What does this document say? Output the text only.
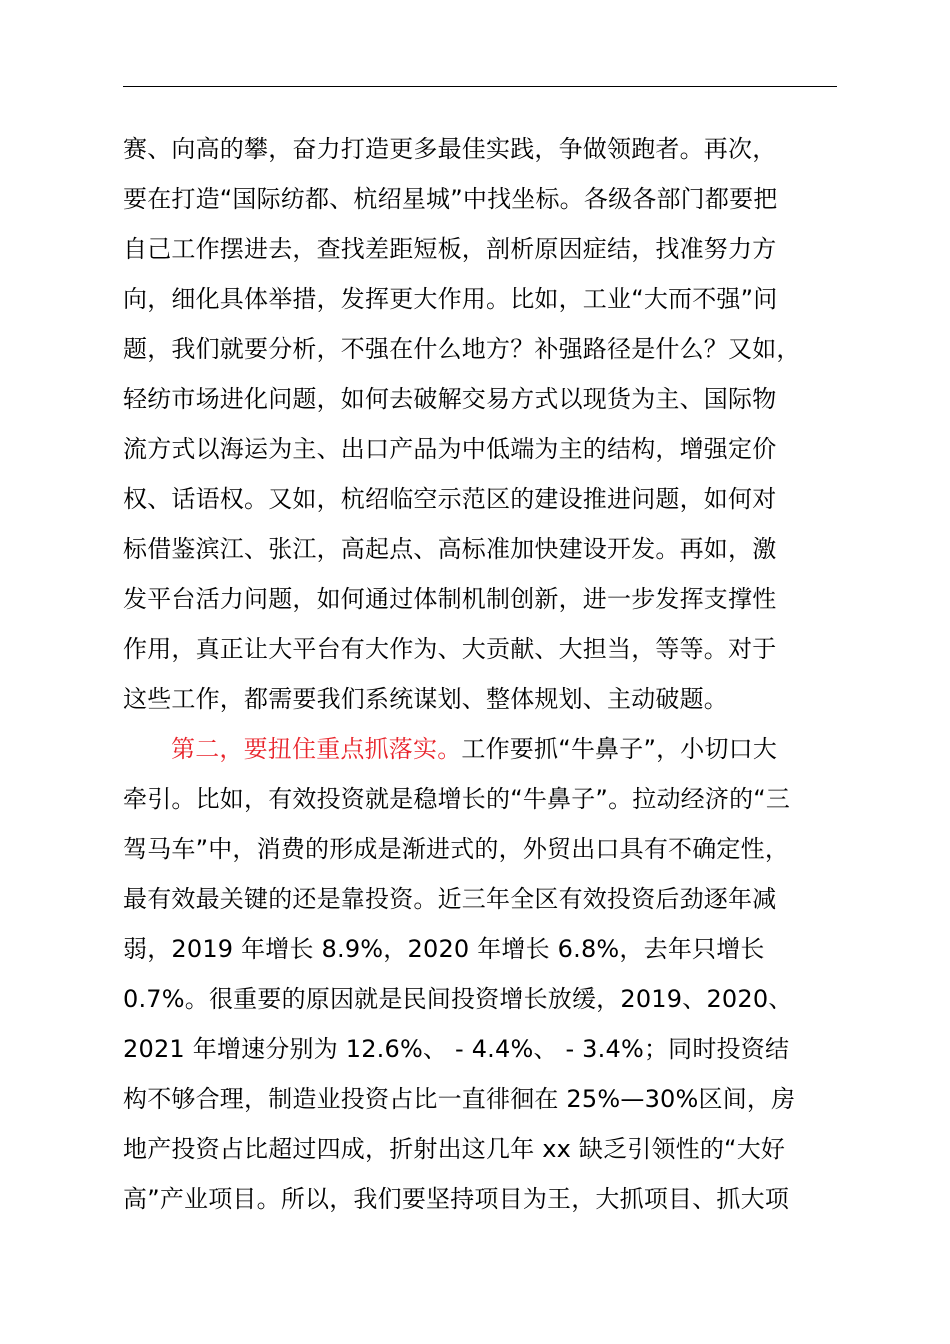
赛、向高的攀，奋力打造更多最佳实践，争做领跑者。再次，
要在打造“国际纺都、杭绍星城”中找坐标。各级各部门都要把
自己工作摆进去，查找差距短板，剖析原因症结，找准努力方
向，细化具体举措，发挥更大作用。比如，工业“大而不强”问
题，我们就要分析，不强在什么地方？补强路径是什么？又如，
轻纺市场进化问题，如何去破解交易方式以现货为主、国际物
流方式以海运为主、出口产品为中低端为主的结构，增强定价
权、话语权。又如，杭绍临空示范区的建设推进问题，如何对
标借鉴滨江、张江，高起点、高标准加快建设开发。再如，激
发平台活力问题，如何通过体制机制创新，进一步发挥支撑性
作用，真正让大平台有大作为、大贡献、大担当，等等。对于
这些工作，都需要我们系统谋划、整体规划、主动破题。
第二，要扭住重点抓落实。工作要抓“牛鼻子”，小切口大
牵引。比如，有效投资就是稳增长的“牛鼻子”。拉动经济的“三
驾马车”中，消费的形成是渐进式的，外贸出口具有不确定性，
最有效最关键的还是靠投资。近三年全区有效投资后劲逐年减
弱，2019 年增长 8.9%，2020 年增长 6.8%，去年只增长
0.7%。很重要的原因就是民间投资增长放缓，2019、2020、
2021 年增速分别为 12.6%、 - 4.4%、 - 3.4%；同时投资结
构不够合理，制造业投资占比一直徘徊在 25%—30%区间，房
地产投资占比超过四成，折射出这几年 xx 缺乏引领性的“大好
高”产业项目。所以，我们要坚持项目为王，大抓项目、抓大项
